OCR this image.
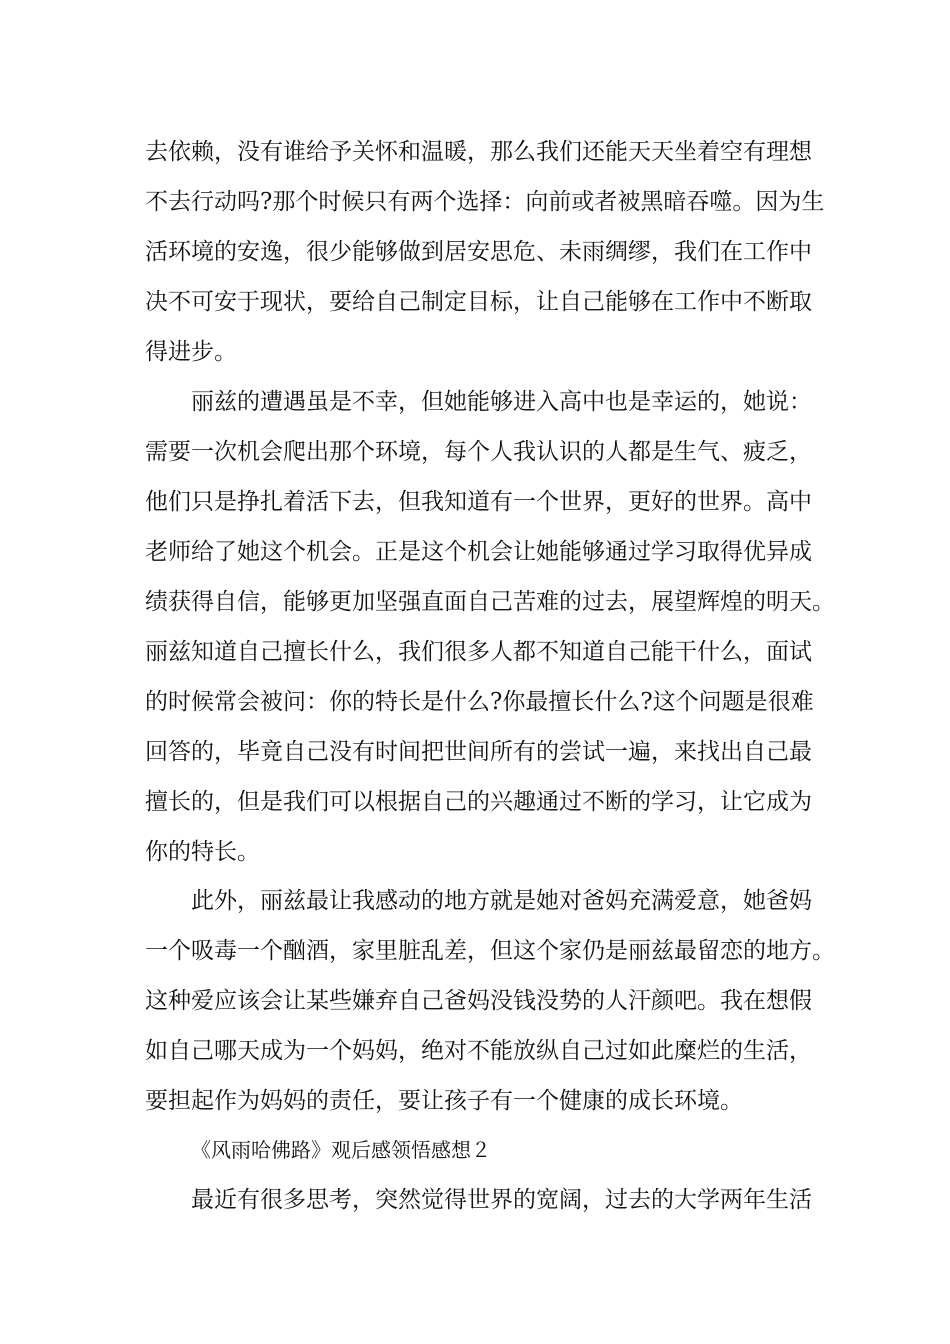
去依赖，没有谁给予关怀和温暖，那么我们还能天天坐着空有理想
不去行动吗?那个时候只有两个选择：向前或者被黑暗吞噬。因为生
活环境的安逸，很少能够做到居安思危、未雨绸缪，我们在工作中
决不可安于现状，要给自己制定目标，让自己能够在工作中不断取
得进步。
丽兹的遭遇虽是不幸，但她能够进入高中也是幸运的，她说：
需要一次机会爬出那个环境，每个人我认识的人都是生气、疲乏，
他们只是挣扎着活下去，但我知道有一个世界，更好的世界。高中
老师给了她这个机会。正是这个机会让她能够通过学习取得优异成
绩获得自信，能够更加坚强直面自己苦难的过去，展望辉煌的明天。
丽兹知道自己擅长什么，我们很多人都不知道自己能干什么，面试
的时候常会被问：你的特长是什么?你最擅长什么?这个问题是很难
回答的，毕竟自己没有时间把世间所有的尝试一遍，来找出自己最
擅长的，但是我们可以根据自己的兴趣通过不断的学习，让它成为
你的特长。
此外，丽兹最让我感动的地方就是她对爸妈充满爱意，她爸妈
一个吸毒一个酗酒，家里脏乱差，但这个家仍是丽兹最留恋的地方。
这种爱应该会让某些嫌弃自己爸妈没钱没势的人汗颜吧。我在想假
如自己哪天成为一个妈妈，绝对不能放纵自己过如此糜烂的生活，
要担起作为妈妈的责任，要让孩子有一个健康的成长环境。
《风雨哈佛路》观后感领悟感想２
最近有很多思考，突然觉得世界的宽阔，过去的大学两年生活
